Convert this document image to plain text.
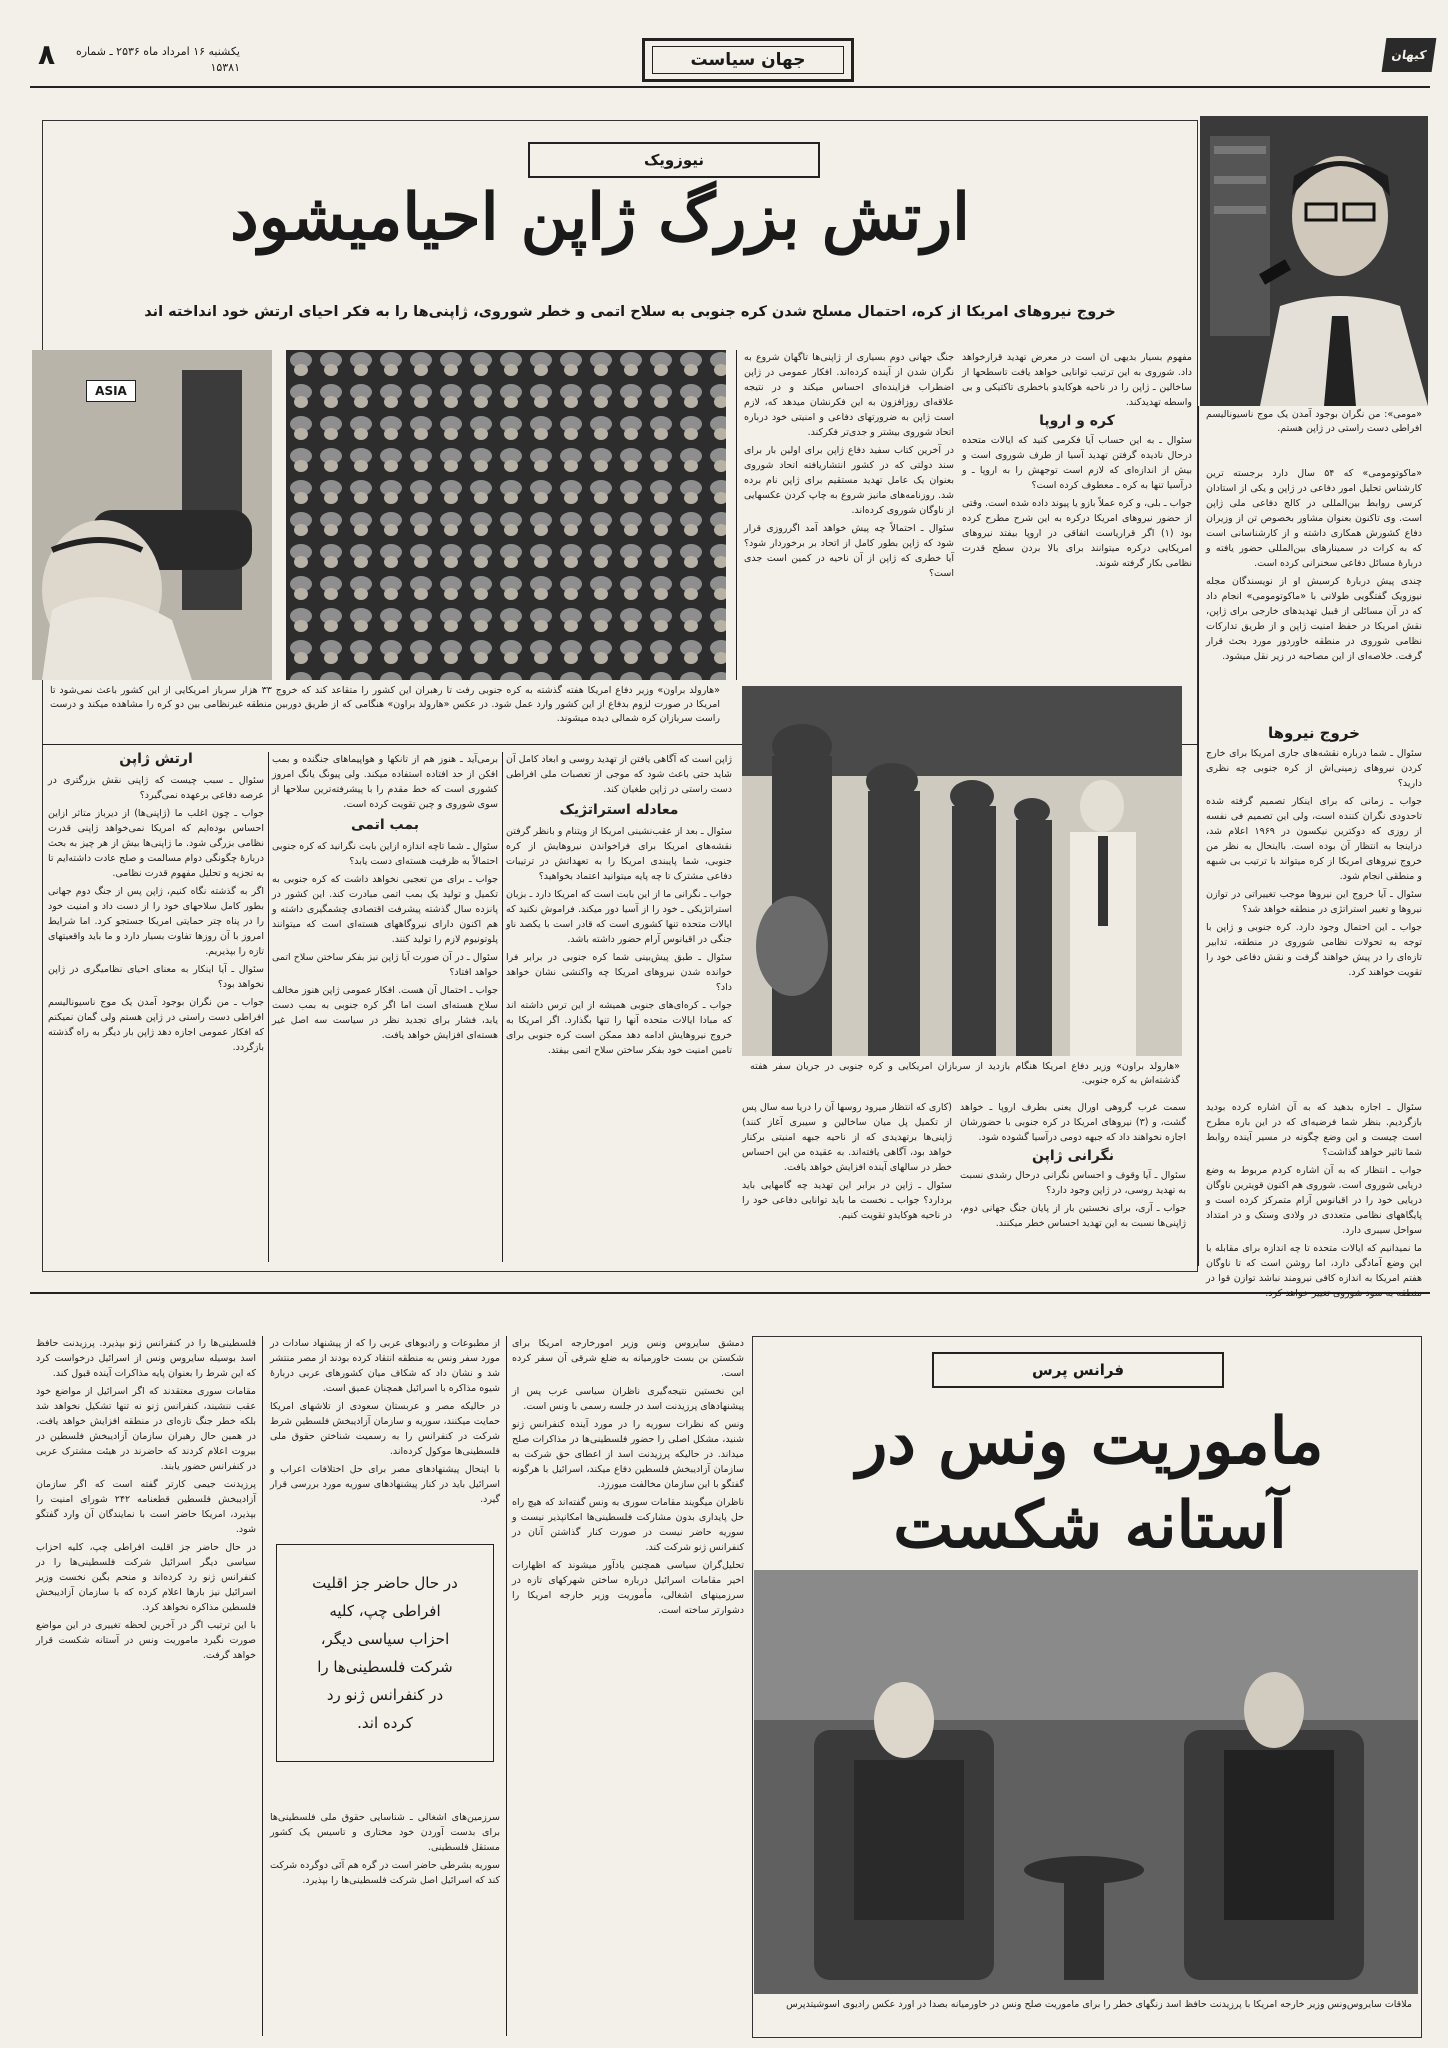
کیهان
جهان سیاست
یکشنبه ۱۶ امرداد ماه ۲۵۳۶ ـ شماره ۱۵۳۸۱
۸
نیوزویک
ارتش بزرگ ژاپن احیامیشود
خروج نیروهای امریکا از کره، احتمال مسلح شدن کره جنوبی به سلاح اتمی و خطر شوروی، ژاپنی‌ها را به فکر احیای ارتش خود انداخته اند
«مومی»: من نگران بوجود آمدن یک موج ناسیونالیسم افراطی دست راستی در ژاپن هستم.
ASIA
«هارولد براون» وزیر دفاع امریکا هفته گذشته به کره جنوبی رفت تا رهبران این کشور را متقاعد کند که خروج ۳۳ هزار سرباز امریکایی از این کشور باعث نمی‌شود تا امریکا در صورت لزوم بدفاع از این کشور وارد عمل شود. در عکس «هارولد براون» هنگامی که از طریق دوربین منطقه غیرنظامی بین دو کره را مشاهده میکند و درست راست سربازان کره شمالی دیده میشوند.

جنگ جهانی دوم بسیاری از ژاپنی‌ها تاگهان شروع به نگران شدن از آینده کرده‌اند. افکار عمومی در ژاپن اضطراب فزاینده‌ای احساس میکند و در نتیجه علاقه‌ای روزافزون به این فکرنشان میدهد که، لازم است ژاپن به ضرورتهای دفاعی و امنیتی خود درباره اتحاد شوروی بیشتر و جدی‌تر فکرکند.

در آخرین کتاب سفید دفاع ژاپن برای اولین بار برای سند دولتی که در کشور انتشاریافته اتحاد شوروی بعنوان یک عامل تهدید مستقیم برای ژاپن نام برده شد. روزنامه‌های مانیز شروع به چاپ کردن عکسهایی از ناوگان شوروی کرده‌اند.

سئوال ـ احتمالاً چه پیش خواهد آمد اگرروزی قرار شود که ژاپن بطور کامل از اتحاد بر برخوردار شود؟ آیا خطری که ژاپن از آن ناحیه در کمین است جدی است؟

مفهوم بسیار بدیهی ان است در معرض تهدید قرارخواهد داد. شوروی به این ترتیب توانایی خواهد یافت تاسطحها از ساخالین ـ ژاپن را در ناحیه هوکایدو باخطری تاکتیکی و بی واسطه تهدیدکند.

کره و اروپا

سئوال ـ به این حساب آیا فکرمی کنید که ایالات متحده درحال نادیده گرفتن تهدید آسیا از طرف شوروی است و بیش از اندازه‌ای که لازم است توجهش را به اروپا ـ و درآسیا تنها به کره ـ معطوف کرده است؟

جواب ـ بلی، و کره عملاً بازو یا پیوند داده شده است. وقتی از حضور نیروهای امریکا درکره به این شرح مطرح کرده بود (۱) اگر قراریاست اتفاقی در اروپا بیفتد نیروهای امریکایی درکره میتوانند برای بالا بردن سطح قدرت نظامی بکار گرفته شوند.

«ماکوتومومی» که ۵۴ سال دارد برجسته ترین کارشناس تحلیل امور دفاعی در ژاپن و یکی از استادان کرسی روابط بین‌المللی در کالج دفاعی ملی ژاپن است. وی تاکنون بعنوان مشاور بخصوص تن از وزیران دفاع کشورش همکاری داشته و از کارشناسانی است که به کرات در سمینارهای بین‌المللی حضور یافته و دربارهٔ مسائل دفاعی سخنرانی کرده است.

چندی پیش دربارهٔ کرسیش او از نویسندگان مجله نیوزویک گفتگویی طولانی با «ماکوتومومی» انجام داد که در آن مسائلی از قبیل تهدیدهای خارجی برای ژاپن، نقش امریکا در حفظ امنیت ژاپن و از طریق تدارکات نظامی شوروی در منطقه خاوردور مورد بحث قرار گرفت. خلاصه‌ای از این مصاحبه در زیر نقل میشود.

خروج نیروها

سئوال ـ شما درباره نقشه‌های جاری امریکا برای خارج کردن نیروهای زمینی‌اش از کره جنوبی چه نظری دارید؟

جواب ـ زمانی که برای اینکار تصمیم گرفته شده تاحدودی نگران کننده است، ولی این تصمیم فی نفسه از روزی که دوکترین نیکسون در ۱۹۶۹ اعلام شد، دراینجا به انتظار آن بوده است. بااینحال به نظر من خروج نیروهای امریکا از کره میتواند با ترتیب بی شبهه و منطقی انجام شود.

سئوال ـ آیا خروج این نیروها موجب تغییراتی در توازن نیروها و تغییر استراتژی در منطقه خواهد شد؟

جواب ـ این احتمال وجود دارد. کره جنوبی و ژاپن با توجه به تحولات نظامی شوروی در منطقه، تدابیر تازه‌ای را در پیش خواهند گرفت و نقش دفاعی خود را تقویت خواهند کرد.

سئوال ـ اجازه بدهید که به آن اشاره کرده بودید بازگردیم. بنظر شما فرضیه‌ای که در این باره مطرح است چیست و این وضع چگونه در مسیر آینده روابط شما تاثیر خواهد گذاشت؟

جواب ـ انتظار که به آن اشاره کردم مربوط به وضع دریایی شوروی است. شوروی هم اکنون قویترین ناوگان دریایی خود را در اقیانوس آرام متمرکز کرده است و پایگاههای نظامی متعددی در ولادی وستک و در امتداد سواحل سیبری دارد.

ما نمیدانیم که ایالات متحده تا چه اندازه برای مقابله با این وضع آمادگی دارد، اما روشن است که تا ناوگان هفتم امریکا به اندازه کافی نیرومند نباشد توازن قوا در

«هارولد براون» وزیر دفاع امریکا هنگام بازدید از سربازان امریکایی و کره جنوبی در جریان سفر هفته گذشته‌اش به کره جنوبی.

سمت غرب گروهی اورال یعنی بطرف اروپا ـ خواهد گشت، و (۳) نیروهای امریکا در کره جنوبی با حضورشان اجازه نخواهند داد که جبهه دومی درآسیا گشوده شود.

نگرانی ژاپن

سئوال ـ آیا وقوف و احساس نگرانی درحال رشدی نسبت به تهدید روسی، در ژاپن وجود دارد؟

جواب ـ آری، برای نخستین بار از پایان جنگ جهانی دوم، ژاپنی‌ها نسبت به این تهدید احساس خطر میکنند.

(کاری که انتظار میرود روسها آن را دریا سه سال پس از تکمیل پل میان ساخالین و سیبری آغاز کنند) ژاپنی‌ها برتهدیدی که از ناحیه جبهه امنیتی برکنار خواهد بود، آگاهی یافته‌اند. به عقیده من این احساس خطر در سالهای آینده افزایش خواهد یافت.

سئوال ـ ژاپن در برابر این تهدید چه گامهایی باید بردارد؟ جواب ـ نخست ما باید توانایی دفاعی خود را در ناحیه هوکایدو تقویت کنیم.

ژاپن است که آگاهی یافتن از تهدید روسی و ابعاد کامل آن شاید حتی باعث شود که موجی از تعصبات ملی افراطی دست راستی در ژاپن طغیان کند.

معادله استراتژیک

سئوال ـ بعد از عقب‌نشینی امریکا از ویتنام و بانظر گرفتن نقشه‌های امریکا برای فراخواندن نیروهایش از کره جنوبی، شما پایبندی امریکا را به تعهداتش در ترتیبات دفاعی مشترک تا چه پایه میتوانید اعتماد بخواهید؟

جواب ـ نگرانی ما از این بابت است که امریکا دارد ـ بزبان استراتژیکی ـ خود را از آسیا دور میکند. فراموش نکنید که ایالات متحده تنها کشوری است که قادر است با یکصد ناو جنگی در اقیانوس آرام حضور داشته باشد.

سئوال ـ طبق پیش‌بینی شما کره جنوبی در برابر فرا خوانده شدن نیروهای امریکا چه واکنشی نشان خواهد داد؟

جواب ـ کره‌ای‌های جنوبی همیشه از این ترس داشته اند که مبادا ایالات متحده آنها را تنها بگذارد. اگر امریکا به خروج نیروهایش ادامه دهد ممکن است کره جنوبی برای تامین امنیت خود بفکر ساختن سلاح اتمی بیفتد.

برمی‌آید ـ هنوز هم از تانکها و هواپیماهای جنگنده و بمب افکن از حد افتاده استفاده میکند. ولی پیونگ یانگ امروز کشوری است که خط مقدم را با پیشرفته‌ترین سلاحها از سوی شوروی و چین تقویت کرده است.

بمب اتمی

سئوال ـ شما تاچه اندازه ازاین بابت نگرانید که کره جنوبی احتمالاً به ظرفیت هسته‌ای دست یابد؟

جواب ـ برای من تعجبی نخواهد داشت که کره جنوبی به تکمیل و تولید یک بمب اتمی مبادرت کند. این کشور در پانزده سال گذشته پیشرفت اقتصادی چشمگیری داشته و هم اکنون دارای نیروگاههای هسته‌ای است که میتوانند پلوتونیوم لازم را تولید کنند.

سئوال ـ در آن صورت آیا ژاپن نیز بفکر ساختن سلاح اتمی خواهد افتاد؟

جواب ـ احتمال آن هست. افکار عمومی ژاپن هنوز مخالف سلاح هسته‌ای است اما اگر کره جنوبی به بمب دست یابد، فشار برای تجدید نظر در سیاست سه اصل غیر هسته‌ای افزایش خواهد یافت.

ارتش ژاپن

سئوال ـ سبب چیست که ژاپنی نقش بزرگتری در عرصه دفاعی برعهده نمی‌گیرد؟

جواب ـ چون اغلب ما (ژاپنی‌ها) از دیرباز متاثر ازاین احساس بوده‌ایم که امریکا نمی‌خواهد ژاپنی قدرت نظامی بزرگی شود. ما ژاپنی‌ها بیش از هر چیز به بحث دربارهٔ چگونگی دوام مسالمت و صلح عادت داشته‌ایم تا به تجزیه و تحلیل مفهوم قدرت نظامی.

اگر به گذشته نگاه کنیم، ژاپن پس از جنگ دوم جهانی بطور کامل سلاحهای خود را از دست داد و امنیت خود را در پناه چتر حمایتی امریکا جستجو کرد. اما شرایط امروز با آن روزها تفاوت بسیار دارد و ما باید واقعیتهای تازه را بپذیریم.

سئوال ـ آیا اینکار به معنای احیای نظامیگری در ژاپن نخواهد بود؟

جواب ـ من نگران بوجود آمدن یک موج ناسیونالیسم افراطی دست راستی در ژاپن هستم ولی گمان نمیکنم که افکار عمومی اجازه دهد ژاپن بار دیگر به راه گذشته بازگردد.

فرانس پرس
ماموریت ونس در
آستانه شکست
ملاقات سایروس‌ونس وزیر خارجه امریکا با پرزیدنت حافظ اسد زنگهای خطر را برای ماموریت صلح ونس در خاورمیانه بصدا در اورد عکس رادیوی اسوشیتدپرس

دمشق سایروس ونس وزیر امورخارجه امریکا برای شکستن بن بست خاورمیانه به ضلع شرقی آن سفر کرده است.

این نخستین نتیجه‌گیری ناظران سیاسی عرب پس از پیشنهادهای پرزیدنت اسد در جلسه رسمی با ونس است.

ونس که نظرات سوریه را در مورد آینده کنفرانس ژنو شنید، مشکل اصلی را حضور فلسطینی‌ها در مذاکرات صلح میداند. در حالیکه پرزیدنت اسد از اعطای حق شرکت به سازمان آزادیبخش فلسطین دفاع میکند، اسرائیل با هرگونه گفتگو با این سازمان مخالفت میورزد.

ناظران میگویند مقامات سوری به ونس گفته‌اند که هیچ راه حل پایداری بدون مشارکت فلسطینی‌ها امکانپذیر نیست و سوریه حاضر نیست در صورت کنار گذاشتن آنان در کنفرانس ژنو شرکت کند.

تحلیل‌گران سیاسی همچنین یادآور میشوند که اظهارات اخیر مقامات اسرائیل درباره ساختن شهرکهای تازه در سرزمینهای اشغالی، مأموریت وزیر خارجه امریکا را دشوارتر ساخته است.

از مطبوعات و رادیوهای عربی را که از پیشنهاد سادات در مورد سفر ونس به منطقه انتقاد کرده بودند از مصر منتشر شد و نشان داد که شکاف میان کشورهای عربی دربارهٔ شیوه مذاکره با اسرائیل همچنان عمیق است.

در حالیکه مصر و عربستان سعودی از تلاشهای امریکا حمایت میکنند، سوریه و سازمان آزادیبخش فلسطین شرط شرکت در کنفرانس را به رسمیت شناختن حقوق ملی فلسطینی‌ها موکول کرده‌اند.

با اینحال پیشنهادهای مصر برای حل اختلافات اعراب و اسرائیل باید در کنار پیشنهادهای سوریه مورد بررسی قرار گیرد.

در حال حاضر جز اقلیت افراطی چپ، کلیه احزاب سیاسی دیگر، شرکت فلسطینی‌ها را در کنفرانس ژنو رد کرده اند.

سرزمین‌های اشغالی ـ شناسایی حقوق ملی فلسطینی‌ها برای بدست آوردن خود مختاری و تاسیس یک کشور مستقل فلسطینی.

سوریه بشرطی حاضر است در گره هم آئی دوگرده شرکت کند که اسرائیل اصل شرکت فلسطینی‌ها را بپذیرد.

فلسطینی‌ها را در کنفرانس ژنو بپذیرد. پرزیدنت حافظ اسد بوسیله سایروس ونس از اسرائیل درخواست کرد که این شرط را بعنوان پایه مذاکرات آینده قبول کند.

مقامات سوری معتقدند که اگر اسرائیل از مواضع خود عقب ننشیند، کنفرانس ژنو نه تنها تشکیل نخواهد شد بلکه خطر جنگ تازه‌ای در منطقه افزایش خواهد یافت. در همین حال رهبران سازمان آزادیبخش فلسطین در بیروت اعلام کردند که حاضرند در هیئت مشترک عربی در کنفرانس حضور یابند.

پرزیدنت جیمی کارتر گفته است که اگر سازمان آزادیبخش فلسطین قطعنامه ۲۴۲ شورای امنیت را بپذیرد، امریکا حاضر است با نمایندگان آن وارد گفتگو شود.

در حال حاضر جز اقلیت افراطی چپ، کلیه احزاب سیاسی دیگر اسرائیل شرکت فلسطینی‌ها را در کنفرانس ژنو رد کرده‌اند و منحم بگین نخست وزیر اسرائیل نیز بارها اعلام کرده که با سازمان آزادیبخش فلسطین مذاکره نخواهد کرد.

با این ترتیب اگر در آخرین لحظه تغییری در این مواضع صورت نگیرد ماموریت ونس در آستانه شکست قرار خواهد گرفت.
